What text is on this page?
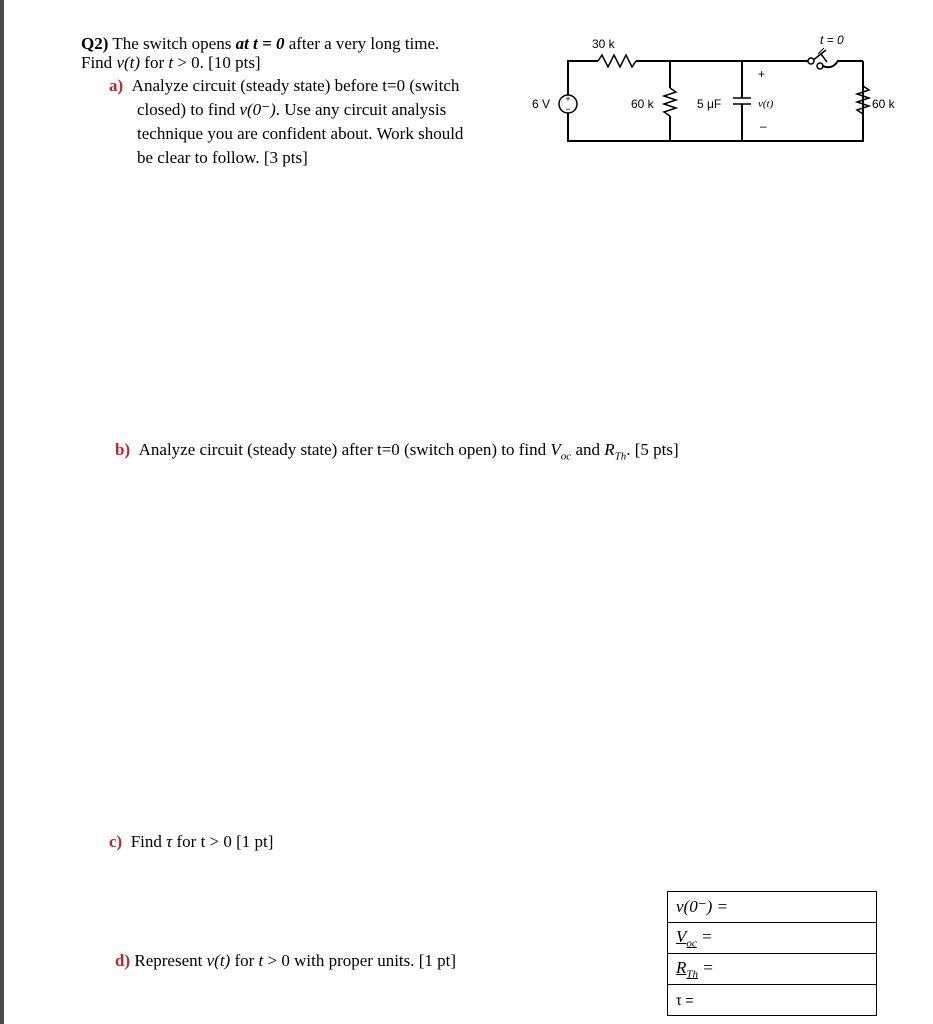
Q2) The switch opens at t = 0 after a very long time.
Find v(t) for t > 0. [10 pts]
a) Analyze circuit (steady state) before t=0 (switch
closed) to find v(0⁻). Use any circuit analysis
technique you are confident about. Work should
be clear to follow. [3 pts]
+
−
30 k
6 V	60 k	5 μF
+
v(t)
–
t = 0
60 k
b) Analyze circuit (steady state) after t=0 (switch open) to find $V_{oc}$ and $R_{Th}$. [5 pts]
c) Find τ for t > 0 [1 pt]
d) Represent v(t) for t > 0 with proper units. [1 pt]
v(0⁻) =
$V_{oc}$ =
$R_{Th}$ =
τ =
